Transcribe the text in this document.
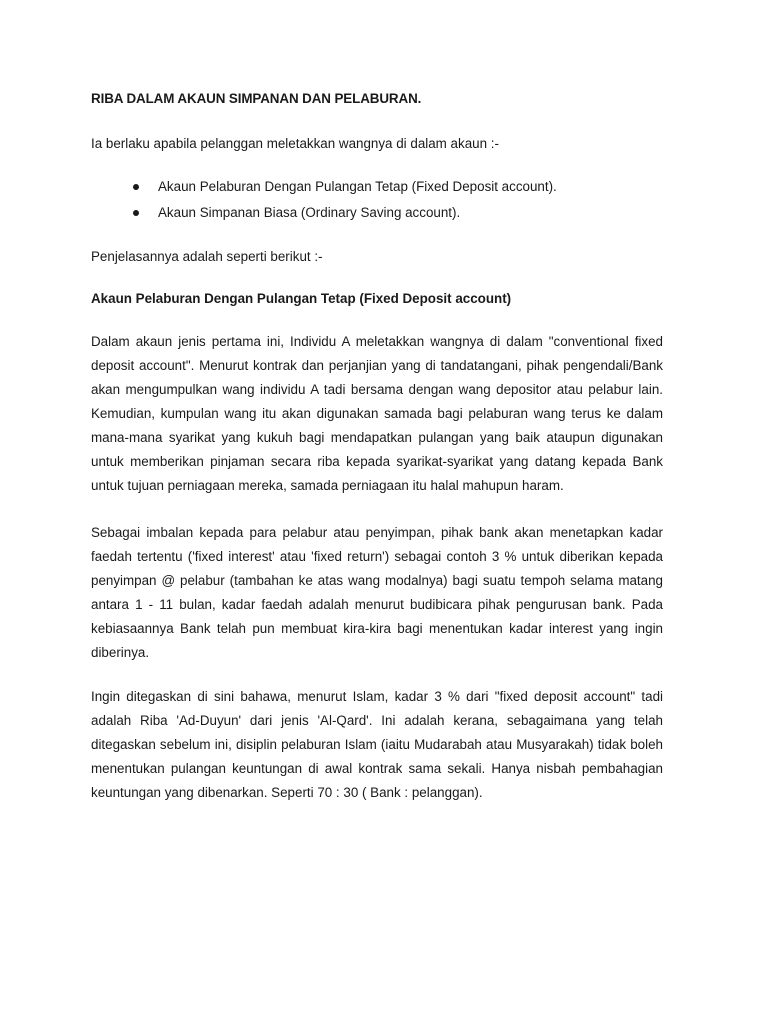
RIBA DALAM AKAUN SIMPANAN DAN PELABURAN.
Ia berlaku apabila pelanggan meletakkan wangnya di dalam akaun :-
Akaun Pelaburan Dengan Pulangan Tetap (Fixed Deposit account).
Akaun Simpanan Biasa (Ordinary Saving account).
Penjelasannya adalah seperti berikut :-
Akaun Pelaburan Dengan Pulangan Tetap (Fixed Deposit account)

Dalam akaun jenis pertama ini, Individu A meletakkan wangnya di dalam "conventional fixed deposit account". Menurut kontrak dan perjanjian yang di tandatangani, pihak pengendali/Bank akan mengumpulkan wang individu A tadi bersama dengan wang depositor atau pelabur lain. Kemudian, kumpulan wang itu akan digunakan samada bagi pelaburan wang terus ke dalam mana-mana syarikat yang kukuh bagi mendapatkan pulangan yang baik ataupun digunakan untuk memberikan pinjaman secara riba kepada syarikat-syarikat yang datang kepada Bank untuk tujuan perniagaan mereka, samada perniagaan itu halal mahupun haram.

Sebagai imbalan kepada para pelabur atau penyimpan, pihak bank akan menetapkan kadar faedah tertentu ('fixed interest' atau 'fixed return') sebagai contoh 3 % untuk diberikan kepada penyimpan @ pelabur (tambahan ke atas wang modalnya) bagi suatu tempoh selama matang antara 1 - 11 bulan, kadar faedah adalah menurut budibicara pihak pengurusan bank. Pada kebiasaannya Bank telah pun membuat kira-kira bagi menentukan kadar interest yang ingin diberinya.

Ingin ditegaskan di sini bahawa, menurut Islam, kadar 3 % dari "fixed deposit account" tadi adalah Riba 'Ad-Duyun' dari jenis 'Al-Qard'. Ini adalah kerana, sebagaimana yang telah ditegaskan sebelum ini, disiplin pelaburan Islam (iaitu Mudarabah atau Musyarakah) tidak boleh menentukan pulangan keuntungan di awal kontrak sama sekali. Hanya nisbah pembahagian keuntungan yang dibenarkan. Seperti 70 : 30 ( Bank : pelanggan).
